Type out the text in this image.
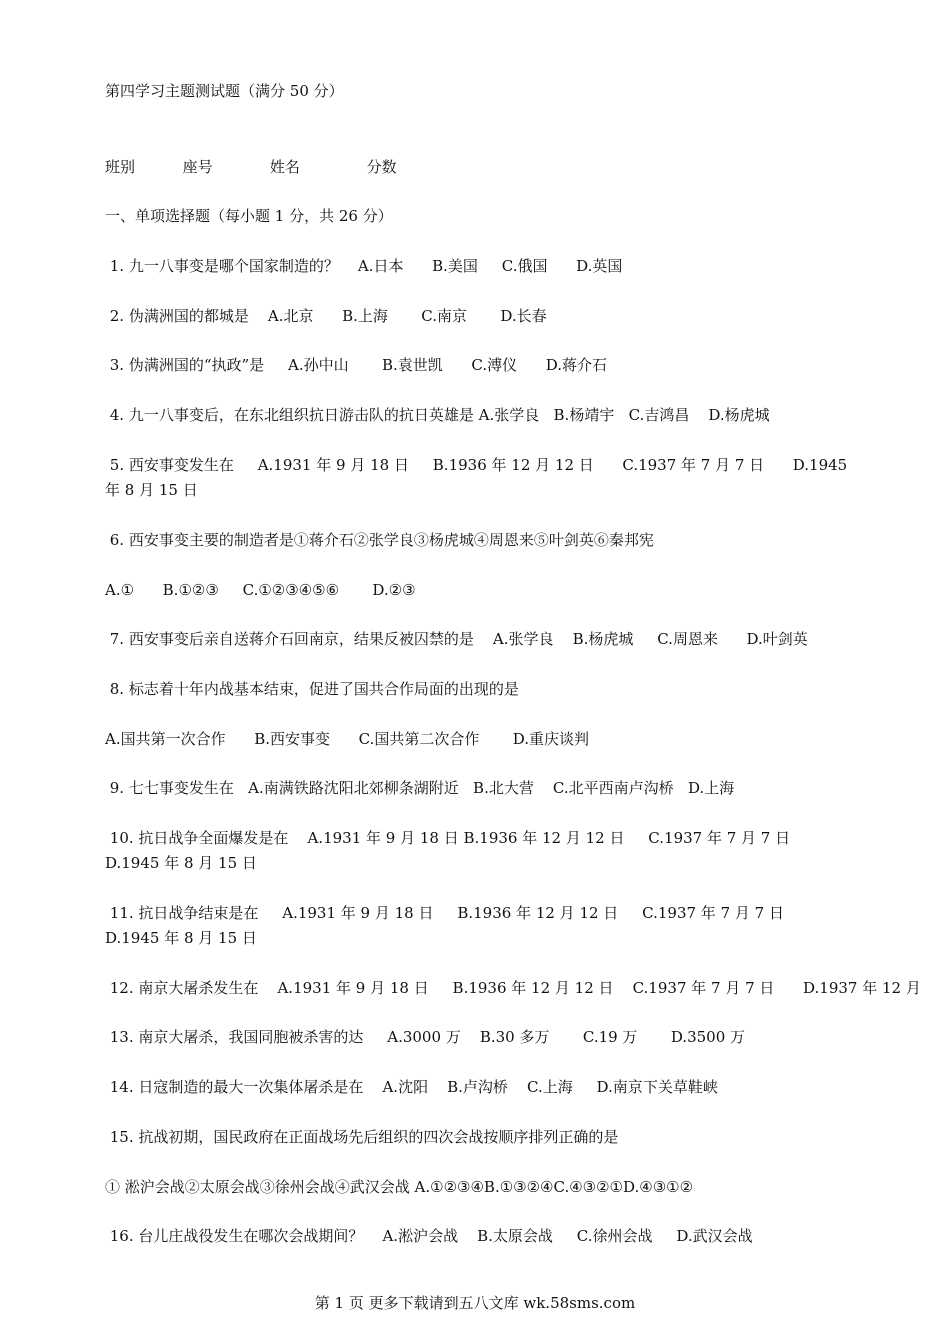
第四学习主题测试题（满分 50 分）
班别          座号            姓名              分数
一、单项选择题（每小题 1 分，共 26 分）
1. 九一八事变是哪个国家制造的？    A.日本      B.美国     C.俄国      D.英国
2. 伪满洲国的都城是    A.北京      B.上海       C.南京       D.长春
3. 伪满洲国的“执政”是     A.孙中山       B.袁世凯      C.溥仪      D.蒋介石
4. 九一八事变后，在东北组织抗日游击队的抗日英雄是 A.张学良   B.杨靖宇   C.吉鸿昌    D.杨虎城
5. 西安事变发生在     A.1931 年 9 月 18 日     B.1936 年 12 月 12 日      C.1937 年 7 月 7 日      D.1945 年 8 月 15 日
6. 西安事变主要的制造者是①蒋介石②张学良③杨虎城④周恩来⑤叶剑英⑥秦邦宪
A.①      B.①②③     C.①②③④⑤⑥       D.②③
7. 西安事变后亲自送蒋介石回南京，结果反被囚禁的是    A.张学良    B.杨虎城     C.周恩来      D.叶剑英
8. 标志着十年内战基本结束，促进了国共合作局面的出现的是
A.国共第一次合作      B.西安事变      C.国共第二次合作       D.重庆谈判
9. 七七事变发生在   A.南满铁路沈阳北郊柳条湖附近   B.北大营    C.北平西南卢沟桥   D.上海
10. 抗日战争全面爆发是在    A.1931 年 9 月 18 日 B.1936 年 12 月 12 日     C.1937 年 7 月 7 日      D.1945 年 8 月 15 日
11. 抗日战争结束是在     A.1931 年 9 月 18 日     B.1936 年 12 月 12 日     C.1937 年 7 月 7 日      D.1945 年 8 月 15 日
12. 南京大屠杀发生在    A.1931 年 9 月 18 日     B.1936 年 12 月 12 日    C.1937 年 7 月 7 日      D.1937 年 12 月
13. 南京大屠杀，我国同胞被杀害的达     A.3000 万    B.30 多万       C.19 万       D.3500 万
14. 日寇制造的最大一次集体屠杀是在    A.沈阳    B.卢沟桥    C.上海     D.南京下关草鞋峡
15. 抗战初期，国民政府在正面战场先后组织的四次会战按顺序排列正确的是
① 淞沪会战②太原会战③徐州会战④武汉会战 A.①②③④B.①③②④C.④③②①D.④③①②
16. 台儿庄战役发生在哪次会战期间？    A.淞沪会战    B.太原会战     C.徐州会战     D.武汉会战
第 1 页 更多下载请到五八文库 wk.58sms.com
